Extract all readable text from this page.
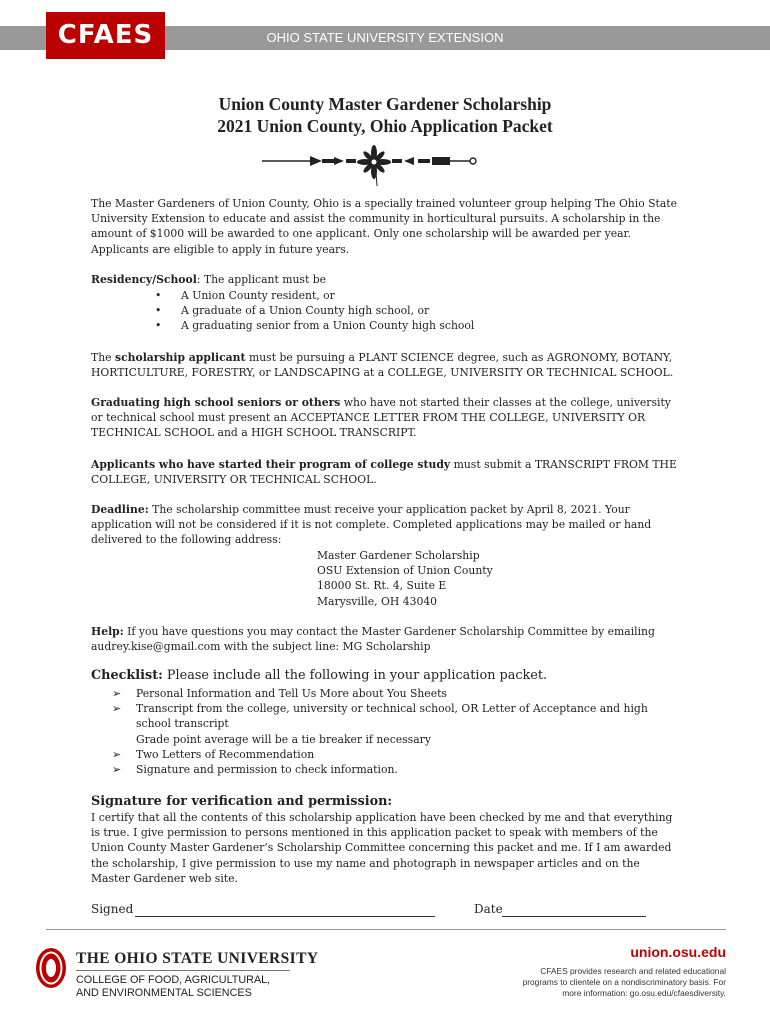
OHIO STATE UNIVERSITY EXTENSION
CFAES
Union County Master Gardener Scholarship
2021 Union County, Ohio Application Packet
The Master Gardeners of Union County, Ohio is a specially trained volunteer group helping The Ohio State University Extension to educate and assist the community in horticultural pursuits. A scholarship in the amount of $1000 will be awarded to one applicant. Only one scholarship will be awarded per year. Applicants are eligible to apply in future years.
Residency/School: The applicant must be
•	A Union County resident, or
•	A graduate of a Union County high school, or
•	A graduating senior from a Union County high school
The scholarship applicant must be pursuing a PLANT SCIENCE degree, such as AGRONOMY, BOTANY, HORTICULTURE, FORESTRY, or LANDSCAPING at a COLLEGE, UNIVERSITY OR TECHNICAL SCHOOL.
Graduating high school seniors or others who have not started their classes at the college, university or technical school must present an ACCEPTANCE LETTER FROM THE COLLEGE, UNIVERSITY OR TECHNICAL SCHOOL and a HIGH SCHOOL TRANSCRIPT.
Applicants who have started their program of college study must submit a TRANSCRIPT FROM THE COLLEGE, UNIVERSITY OR TECHNICAL SCHOOL.
Deadline: The scholarship committee must receive your application packet by April 8, 2021. Your application will not be considered if it is not complete. Completed applications may be mailed or hand delivered to the following address:
Master Gardener Scholarship
OSU Extension of Union County
18000 St. Rt. 4, Suite E
Marysville, OH 43040
Help: If you have questions you may contact the Master Gardener Scholarship Committee by emailing audrey.kise@gmail.com with the subject line: MG Scholarship
Checklist: Please include all the following in your application packet.
➢	Personal Information and Tell Us More about You Sheets
➢	Transcript from the college, university or technical school, OR Letter of Acceptance and high school transcript
Grade point average will be a tie breaker if necessary
➢	Two Letters of Recommendation
➢	Signature and permission to check information.
Signature for verification and permission:
I certify that all the contents of this scholarship application have been checked by me and that everything is true. I give permission to persons mentioned in this application packet to speak with members of the Union County Master Gardener’s Scholarship Committee concerning this packet and me. If I am awarded the scholarship, I give permission to use my name and photograph in newspaper articles and on the Master Gardener web site.
Signed	Date
THE OHIO STATE UNIVERSITY
COLLEGE OF FOOD, AGRICULTURAL,
AND ENVIRONMENTAL SCIENCES
union.osu.edu
CFAES provides research and related educational
programs to clientele on a nondiscriminatory basis. For
more information: go.osu.edu/cfaesdiversity.
